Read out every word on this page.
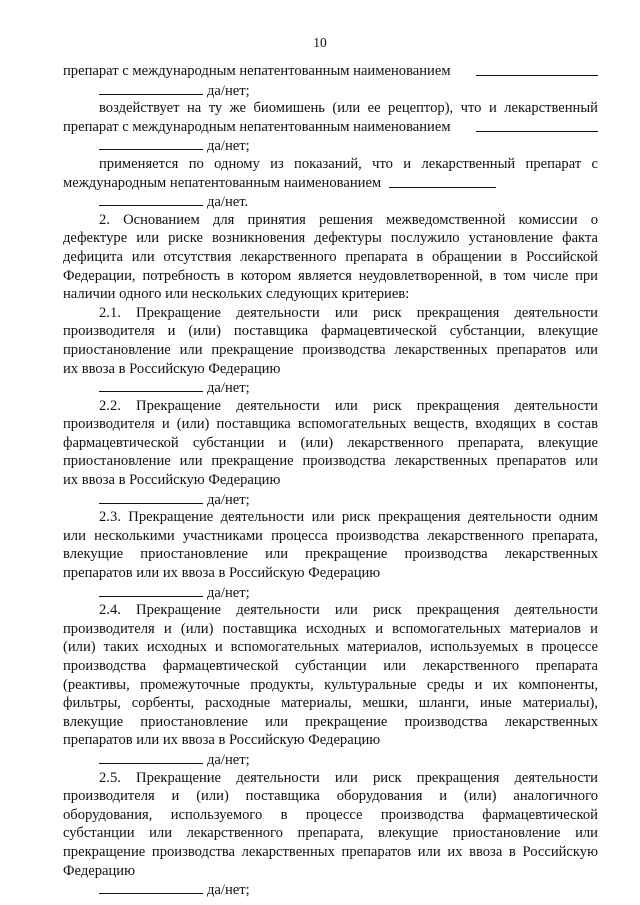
10
препарат с международным непатентованным наименованием
да/нет;
воздействует на ту же биомишень (или ее рецептор), что и лекарственный
препарат с международным непатентованным наименованием
да/нет;
применяется по одному из показаний, что и лекарственный препарат с
международным непатентованным наименованием
да/нет.
2. Основанием для принятия решения межведомственной комиссии о
дефектуре или риске возникновения дефектуры послужило установление факта
дефицита или отсутствия лекарственного препарата в обращении в Российской
Федерации, потребность в котором является неудовлетворенной, в том числе при
наличии одного или нескольких следующих критериев:
2.1. Прекращение деятельности или риск прекращения деятельности
производителя и (или) поставщика фармацевтической субстанции, влекущие
приостановление или прекращение производства лекарственных препаратов или
их ввоза в Российскую Федерацию
да/нет;
2.2. Прекращение деятельности или риск прекращения деятельности
производителя и (или) поставщика вспомогательных веществ, входящих в состав
фармацевтической субстанции и (или) лекарственного препарата, влекущие
приостановление или прекращение производства лекарственных препаратов или
их ввоза в Российскую Федерацию
да/нет;
2.3. Прекращение деятельности или риск прекращения деятельности одним
или несколькими участниками процесса производства лекарственного препарата,
влекущие приостановление или прекращение производства лекарственных
препаратов или их ввоза в Российскую Федерацию
да/нет;
2.4. Прекращение деятельности или риск прекращения деятельности
производителя и (или) поставщика исходных и вспомогательных материалов и
(или) таких исходных и вспомогательных материалов, используемых в процессе
производства фармацевтической субстанции или лекарственного препарата
(реактивы, промежуточные продукты, культуральные среды и их компоненты,
фильтры, сорбенты, расходные материалы, мешки, шланги, иные материалы),
влекущие приостановление или прекращение производства лекарственных
препаратов или их ввоза в Российскую Федерацию
да/нет;
2.5. Прекращение деятельности или риск прекращения деятельности
производителя и (или) поставщика оборудования и (или) аналогичного
оборудования, используемого в процессе производства фармацевтической
субстанции или лекарственного препарата, влекущие приостановление или
прекращение производства лекарственных препаратов или их ввоза в Российскую
Федерацию
да/нет;
